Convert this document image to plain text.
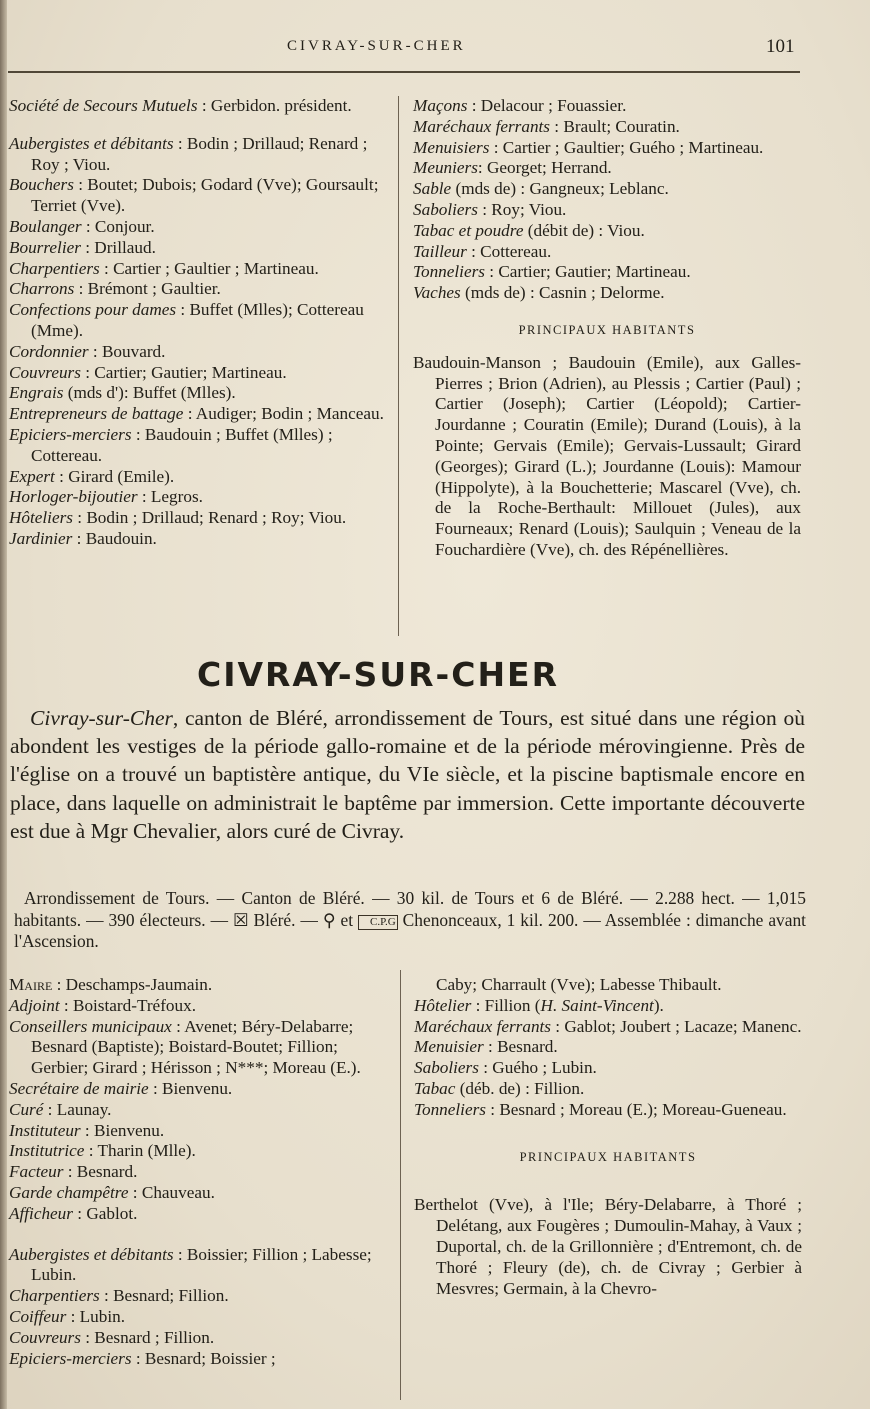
CIVRAY-SUR-CHER	101

Société de Secours Mutuels : Gerbidon. président.

Aubergistes et débitants : Bodin ; Drillaud; Renard ; Roy ; Viou.

Bouchers : Boutet; Dubois; Godard (Vve); Goursault; Terriet (Vve).

Boulanger : Conjour.

Bourrelier : Drillaud.

Charpentiers : Cartier ; Gaultier ; Martineau.

Charrons : Brémont ; Gaultier.

Confections pour dames : Buffet (Mlles); Cottereau (Mme).

Cordonnier : Bouvard.

Couvreurs : Cartier; Gautier; Martineau.

Engrais (mds d'): Buffet (Mlles).

Entrepreneurs de battage : Audiger; Bodin ; Manceau.

Epiciers-merciers : Baudouin ; Buffet (Mlles) ; Cottereau.

Expert : Girard (Emile).

Horloger-bijoutier : Legros.

Hôteliers : Bodin ; Drillaud; Renard ; Roy; Viou.

Jardinier : Baudouin.

Maçons : Delacour ; Fouassier.

Maréchaux ferrants : Brault; Couratin.

Menuisiers : Cartier ; Gaultier; Guého ; Martineau.

Meuniers: Georget; Herrand.

Sable (mds de) : Gangneux; Leblanc.

Saboliers : Roy; Viou.

Tabac et poudre (débit de) : Viou.

Tailleur : Cottereau.

Tonneliers : Cartier; Gautier; Martineau.

Vaches (mds de) : Casnin ; Delorme.

PRINCIPAUX HABITANTS

Baudouin-Manson ; Baudouin (Emile), aux Galles-Pierres ; Brion (Adrien), au Plessis ; Cartier (Paul) ; Cartier (Joseph); Cartier (Léopold); Cartier-Jourdanne ; Couratin (Emile); Durand (Louis), à la Pointe; Gervais (Emile); Gervais-Lussault; Girard (Georges); Girard (L.); Jourdanne (Louis): Mamour (Hippolyte), à la Bouchetterie; Mascarel (Vve), ch. de la Roche-Berthault: Millouet (Jules), aux Fourneaux; Renard (Louis); Saulquin ; Veneau de la Fouchardière (Vve), ch. des Répénellières.

CIVRAY-SUR-CHER

Civray-sur-Cher, canton de Bléré, arrondissement de Tours, est situé dans une région où abondent les vestiges de la période gallo-romaine et de la période mérovingienne. Près de l'église on a trouvé un baptistère antique, du VIe siècle, et la piscine baptismale encore en place, dans laquelle on administrait le baptême par immersion. Cette importante découverte est due à Mgr Chevalier, alors curé de Civray.

Arrondissement de Tours. — Canton de Bléré. — 30 kil. de Tours et 6 de Bléré. — 2.288 hect. — 1,015 habitants. — 390 électeurs. — ☒ Bléré. — ⚲ et C.P.G Chenonceaux, 1 kil. 200. — Assemblée : dimanche avant l'Ascension.

Maire : Deschamps-Jaumain.

Adjoint : Boistard-Tréfoux.

Conseillers municipaux : Avenet; Béry-Delabarre; Besnard (Baptiste); Boistard-Boutet; Fillion; Gerbier; Girard ; Hérisson ; N***; Moreau (E.).

Secrétaire de mairie : Bienvenu.

Curé : Launay.

Instituteur : Bienvenu.

Institutrice : Tharin (Mlle).

Facteur : Besnard.

Garde champêtre : Chauveau.

Afficheur : Gablot.

Aubergistes et débitants : Boissier; Fillion ; Labesse; Lubin.

Charpentiers : Besnard; Fillion.

Coiffeur : Lubin.

Couvreurs : Besnard ; Fillion.

Epiciers-merciers : Besnard; Boissier ;

Caby; Charrault (Vve); Labesse Thibault.

Hôtelier : Fillion (H. Saint-Vincent).

Maréchaux ferrants : Gablot; Joubert ; Lacaze; Manenc.

Menuisier : Besnard.

Saboliers : Guého ; Lubin.

Tabac (déb. de) : Fillion.

Tonneliers : Besnard ; Moreau (E.); Moreau-Gueneau.

PRINCIPAUX HABITANTS

Berthelot (Vve), à l'Ile; Béry-Delabarre, à Thoré ; Delétang, aux Fougères ; Dumoulin-Mahay, à Vaux ; Duportal, ch. de la Grillonnière ; d'Entremont, ch. de Thoré ; Fleury (de), ch. de Civray ; Gerbier à Mesvres; Germain, à la Chevro-
